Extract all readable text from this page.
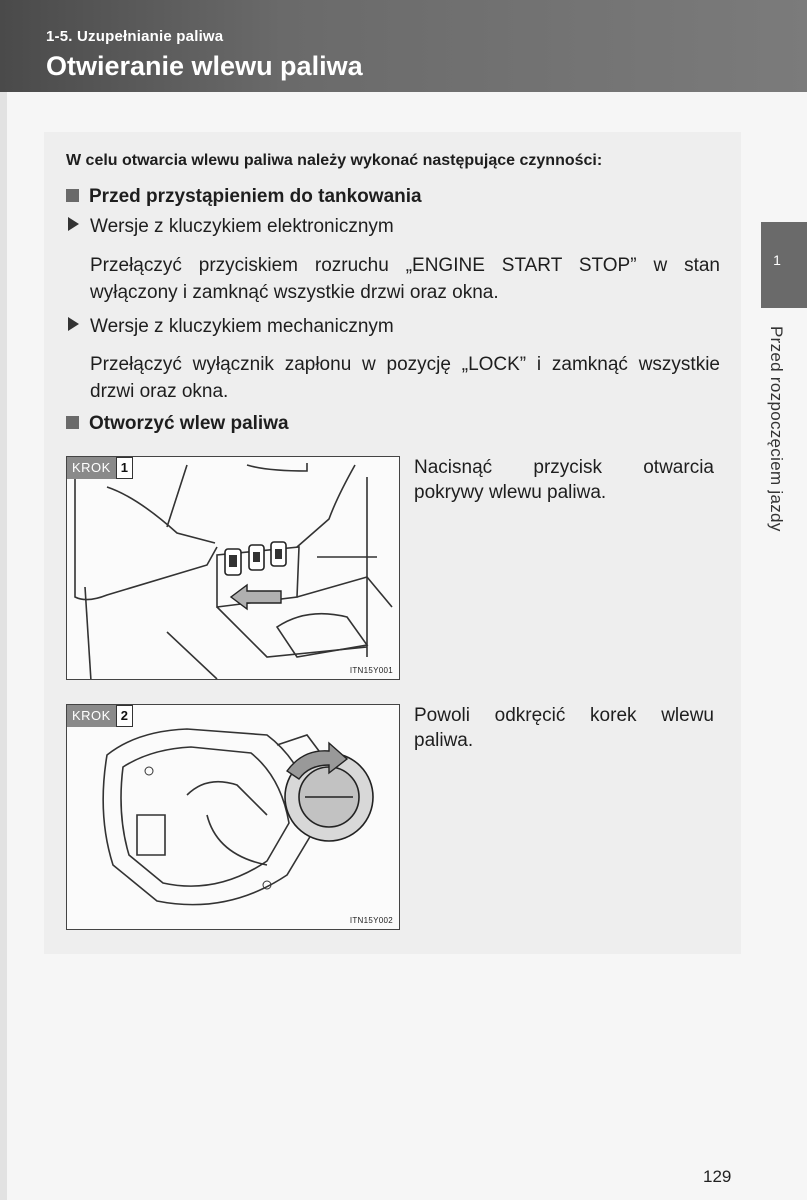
1-5. Uzupełnianie paliwa
Otwieranie wlewu paliwa
W celu otwarcia wlewu paliwa należy wykonać następujące czynności:
Przed przystąpieniem do tankowania
Wersje z kluczykiem elektronicznym
Przełączyć przyciskiem rozruchu „ENGINE START STOP” w stan wyłączony i zamknąć wszystkie drzwi oraz okna.
Wersje z kluczykiem mechanicznym
Przełączyć wyłącznik zapłonu w pozycję „LOCK” i zamknąć wszystkie drzwi oraz okna.
Otworzyć wlew paliwa
KROK 1
ITN15Y001
Nacisnąć przycisk otwarcia pokrywy wlewu paliwa.
KROK 2
ITN15Y002
Powoli odkręcić korek wlewu paliwa.
1
Przed rozpoczęciem jazdy
129
